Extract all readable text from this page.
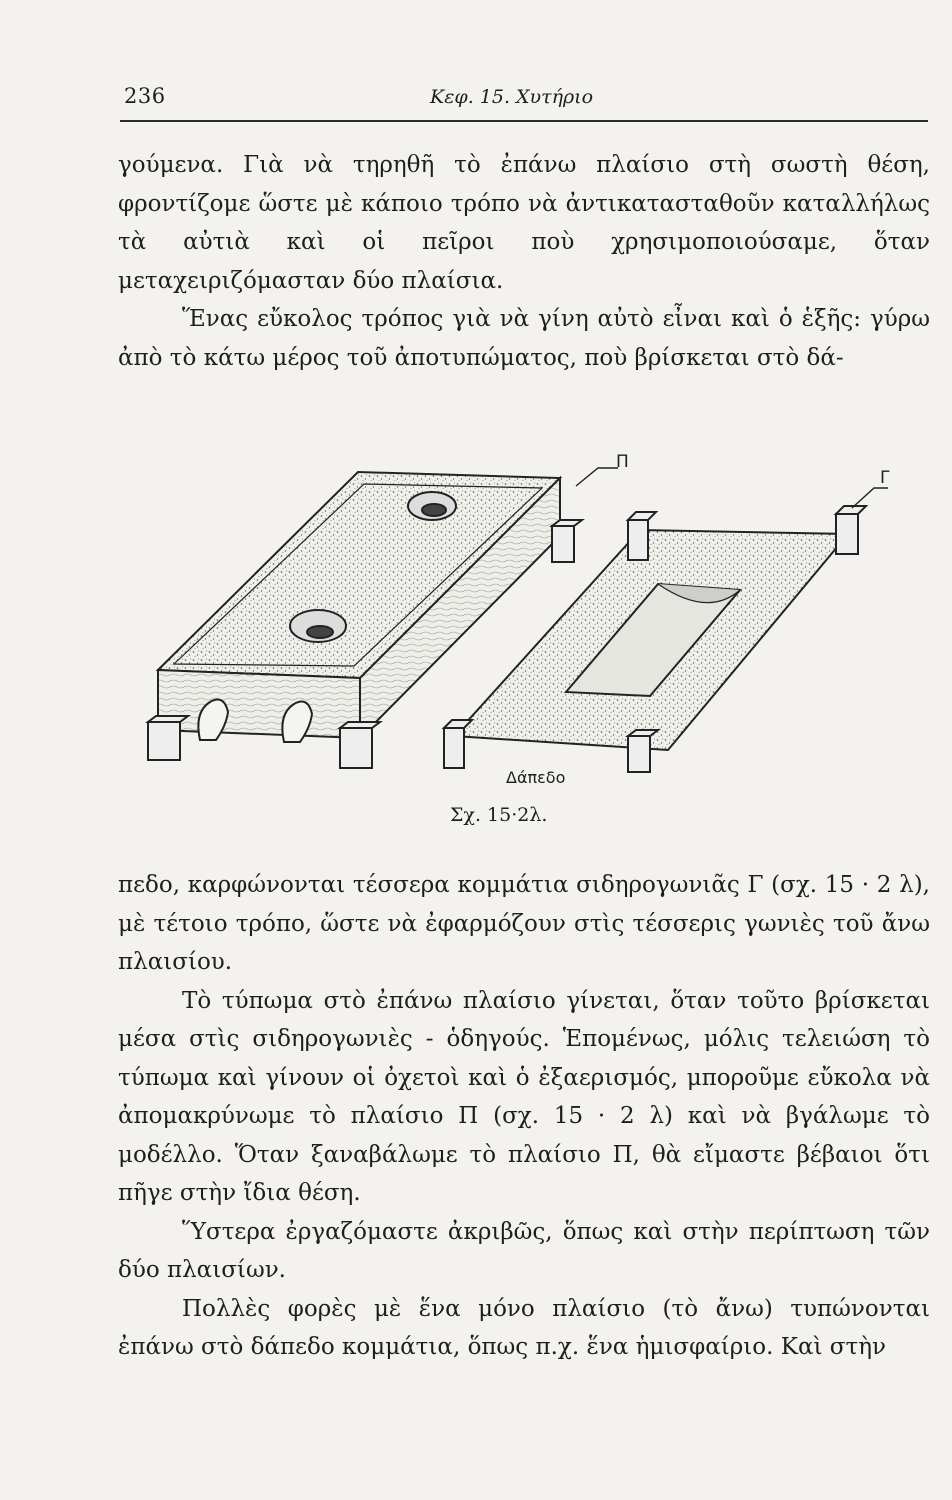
236	Κεφ. 15. Χυτήριο

γούμενα. Γιὰ νὰ τηρηθῆ τὸ ἐπάνω πλαίσιο στὴ σωστὴ θέση, φροντίζομε ὥστε μὲ κάποιο τρόπο νὰ ἀντικατασταθοῦν καταλλήλως τὰ αὐτιὰ καὶ οἱ πεῖροι ποὺ χρησιμοποιούσαμε, ὅταν μεταχειριζόμασταν δύο πλαίσια.

Ἕνας εὔκολος τρόπος γιὰ νὰ γίνη αὐτὸ εἶναι καὶ ὁ ἑξῆς: γύρω ἀπὸ τὸ κάτω μέρος τοῦ ἀποτυπώματος, ποὺ βρίσκεται στὸ δά-

Π
Γ
Δάπεδο
Σχ. 15·2λ.

πεδο, καρφώνονται τέσσερα κομμάτια σιδηρογωνιᾶς Γ (σχ. 15 · 2 λ), μὲ τέτοιο τρόπο, ὥστε νὰ ἐφαρμόζουν στὶς τέσσερις γωνιὲς τοῦ ἄνω πλαισίου.

Τὸ τύπωμα στὸ ἐπάνω πλαίσιο γίνεται, ὅταν τοῦτο βρίσκεται μέσα στὶς σιδηρογωνιὲς - ὁδηγούς. Ἑπομένως, μόλις τελειώση τὸ τύπωμα καὶ γίνουν οἱ ὀχετοὶ καὶ ὁ ἐξαερισμός, μποροῦμε εὔκολα νὰ ἀπομακρύνωμε τὸ πλαίσιο Π (σχ. 15 · 2 λ) καὶ νὰ βγάλωμε τὸ μοδέλλο. Ὅταν ξαναβάλωμε τὸ πλαίσιο Π, θὰ εἴμαστε βέβαιοι ὅτι πῆγε στὴν ἴδια θέση.

Ὕστερα ἐργαζόμαστε ἀκριβῶς, ὅπως καὶ στὴν περίπτωση τῶν δύο πλαισίων.

Πολλὲς φορὲς μὲ ἕνα μόνο πλαίσιο (τὸ ἄνω) τυπώνονται ἐπάνω στὸ δάπεδο κομμάτια, ὅπως π.χ. ἕνα ἡμισφαίριο. Καὶ στὴν
